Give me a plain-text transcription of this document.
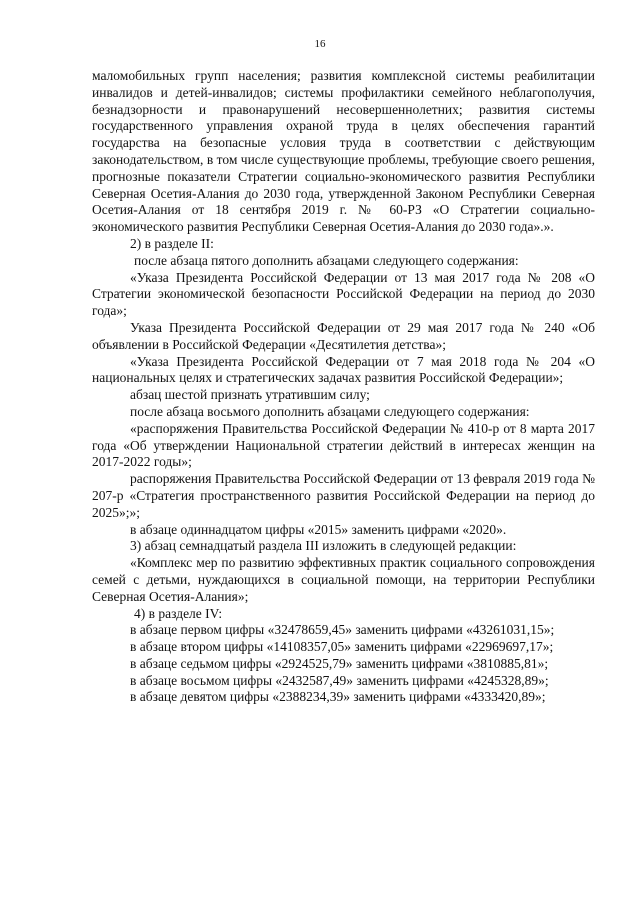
16

маломобильных групп населения; развития комплексной системы реабилитации инвалидов и детей-инвалидов; системы профилактики семейного неблагополучия, безнадзорности и правонарушений несовершеннолетних; развития системы государственного управления охраной труда в целях обеспечения гарантий государства на безопасные условия труда в соответствии с действующим законодательством, в том числе существующие проблемы, требующие своего решения, прогнозные показатели Стратегии социально-экономического развития Республики Северная Осетия-Алания до 2030 года, утвержденной Законом Республики Северная Осетия-Алания от 18 сентября 2019 г. № 60-РЗ «О Стратегии социально-экономического развития Республики Северная Осетия-Алания до 2030 года».».

2) в разделе II:

после абзаца пятого дополнить абзацами следующего содержания:

«Указа Президента Российской Федерации от 13 мая 2017 года № 208 «О Стратегии экономической безопасности Российской Федерации на период до 2030 года»;

Указа Президента Российской Федерации от 29 мая 2017 года № 240 «Об объявлении в Российской Федерации «Десятилетия детства»;

«Указа Президента Российской Федерации от 7 мая 2018 года № 204 «О национальных целях и стратегических задачах развития Российской Федерации»;

абзац шестой признать утратившим силу;

после абзаца восьмого дополнить абзацами следующего содержания:

«распоряжения Правительства Российской Федерации № 410-р от 8 марта 2017 года «Об утверждении Национальной стратегии действий в интересах женщин на 2017-2022 годы»;

распоряжения Правительства Российской Федерации от 13 февраля 2019 года № 207-р «Стратегия пространственного развития Российской Федерации на период до 2025»;»;

в абзаце одиннадцатом цифры «2015» заменить цифрами «2020».

3) абзац семнадцатый раздела III изложить в следующей редакции:

«Комплекс мер по развитию эффективных практик социального сопровождения семей с детьми, нуждающихся в социальной помощи, на территории Республики Северная Осетия-Алания»;

4) в разделе IV:

в абзаце первом цифры «32478659,45» заменить цифрами «43261031,15»;

в абзаце втором цифры «14108357,05» заменить цифрами «22969697,17»;

в абзаце седьмом цифры «2924525,79» заменить цифрами «3810885,81»;

в абзаце восьмом цифры «2432587,49» заменить цифрами «4245328,89»;

в абзаце девятом цифры «2388234,39» заменить цифрами «4333420,89»;
